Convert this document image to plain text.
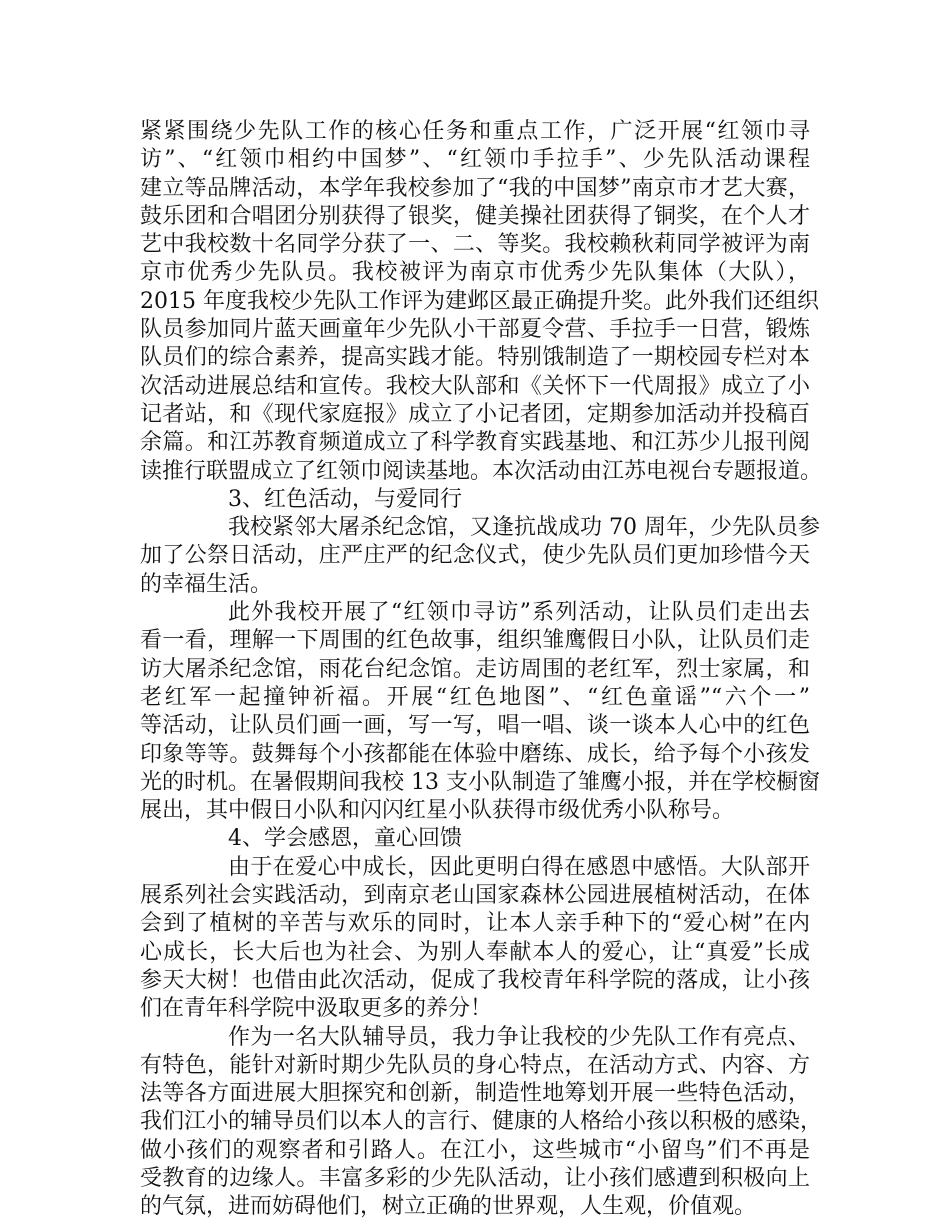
紧紧围绕少先队工作的核心任务和重点工作，广泛开展“红领巾寻
访”、“红领巾相约中国梦”、“红领巾手拉手”、少先队活动课程
建立等品牌活动，本学年我校参加了“我的中国梦”南京市才艺大赛，
鼓乐团和合唱团分别获得了银奖，健美操社团获得了铜奖，在个人才
艺中我校数十名同学分获了一、二、等奖。我校赖秋莉同学被评为南
京市优秀少先队员。我校被评为南京市优秀少先队集体（大队），
2015 年度我校少先队工作评为建邺区最正确提升奖。此外我们还组织
队员参加同片蓝天画童年少先队小干部夏令营、手拉手一日营，锻炼
队员们的综合素养，提高实践才能。特别饿制造了一期校园专栏对本
次活动进展总结和宣传。我校大队部和《关怀下一代周报》成立了小
记者站，和《现代家庭报》成立了小记者团，定期参加活动并投稿百
余篇。和江苏教育频道成立了科学教育实践基地、和江苏少儿报刊阅
读推行联盟成立了红领巾阅读基地。本次活动由江苏电视台专题报道。
3、红色活动，与爱同行
我校紧邻大屠杀纪念馆，又逢抗战成功 70 周年，少先队员参
加了公祭日活动，庄严庄严的纪念仪式，使少先队员们更加珍惜今天
的幸福生活。
此外我校开展了“红领巾寻访”系列活动，让队员们走出去
看一看，理解一下周围的红色故事，组织雏鹰假日小队，让队员们走
访大屠杀纪念馆，雨花台纪念馆。走访周围的老红军，烈士家属，和
老红军一起撞钟祈福。开展“红色地图”、“红色童谣”“六个一”
等活动，让队员们画一画，写一写，唱一唱、谈一谈本人心中的红色
印象等等。鼓舞每个小孩都能在体验中磨练、成长，给予每个小孩发
光的时机。在暑假期间我校 13 支小队制造了雏鹰小报，并在学校橱窗
展出，其中假日小队和闪闪红星小队获得市级优秀小队称号。
4、学会感恩，童心回馈
由于在爱心中成长，因此更明白得在感恩中感悟。大队部开
展系列社会实践活动，到南京老山国家森林公园进展植树活动，在体
会到了植树的辛苦与欢乐的同时，让本人亲手种下的“爱心树”在内
心成长，长大后也为社会、为别人奉献本人的爱心，让“真爱”长成
参天大树！也借由此次活动，促成了我校青年科学院的落成，让小孩
们在青年科学院中汲取更多的养分！
作为一名大队辅导员，我力争让我校的少先队工作有亮点、
有特色，能针对新时期少先队员的身心特点，在活动方式、内容、方
法等各方面进展大胆探究和创新，制造性地筹划开展一些特色活动，
我们江小的辅导员们以本人的言行、健康的人格给小孩以积极的感染，
做小孩们的观察者和引路人。在江小，这些城市“小留鸟”们不再是
受教育的边缘人。丰富多彩的少先队活动，让小孩们感遭到积极向上
的气氛，进而妨碍他们，树立正确的世界观，人生观，价值观。
